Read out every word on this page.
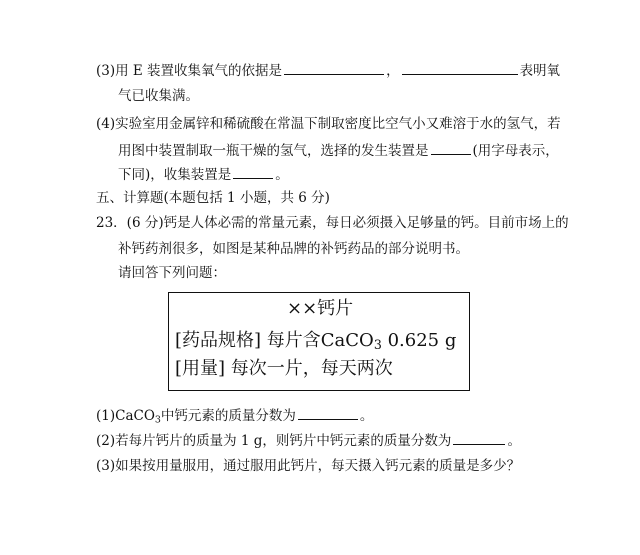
(3)用 E 装置收集氧气的依据是	，	表明氧
气已收集满。
(4)实验室用金属锌和稀硫酸在常温下制取密度比空气小又难溶于水的氢气，若
用图中装置制取一瓶干燥的氢气，选择的发生装置是	(用字母表示，
下同)，收集装置是	。
五、计算题(本题包括 1 小题，共 6 分)
23．(6 分)钙是人体必需的常量元素，每日必须摄入足够量的钙。目前市场上的
补钙药剂很多，如图是某种品牌的补钙药品的部分说明书。
请回答下列问题：
××钙片
[药品规格] 每片含CaCO$_3$ 0.625 g
[用量] 每次一片，每天两次
(1)CaCO$_3$中钙元素的质量分数为	。
(2)若每片钙片的质量为 1 g，则钙片中钙元素的质量分数为	。
(3)如果按用量服用，通过服用此钙片，每天摄入钙元素的质量是多少？
